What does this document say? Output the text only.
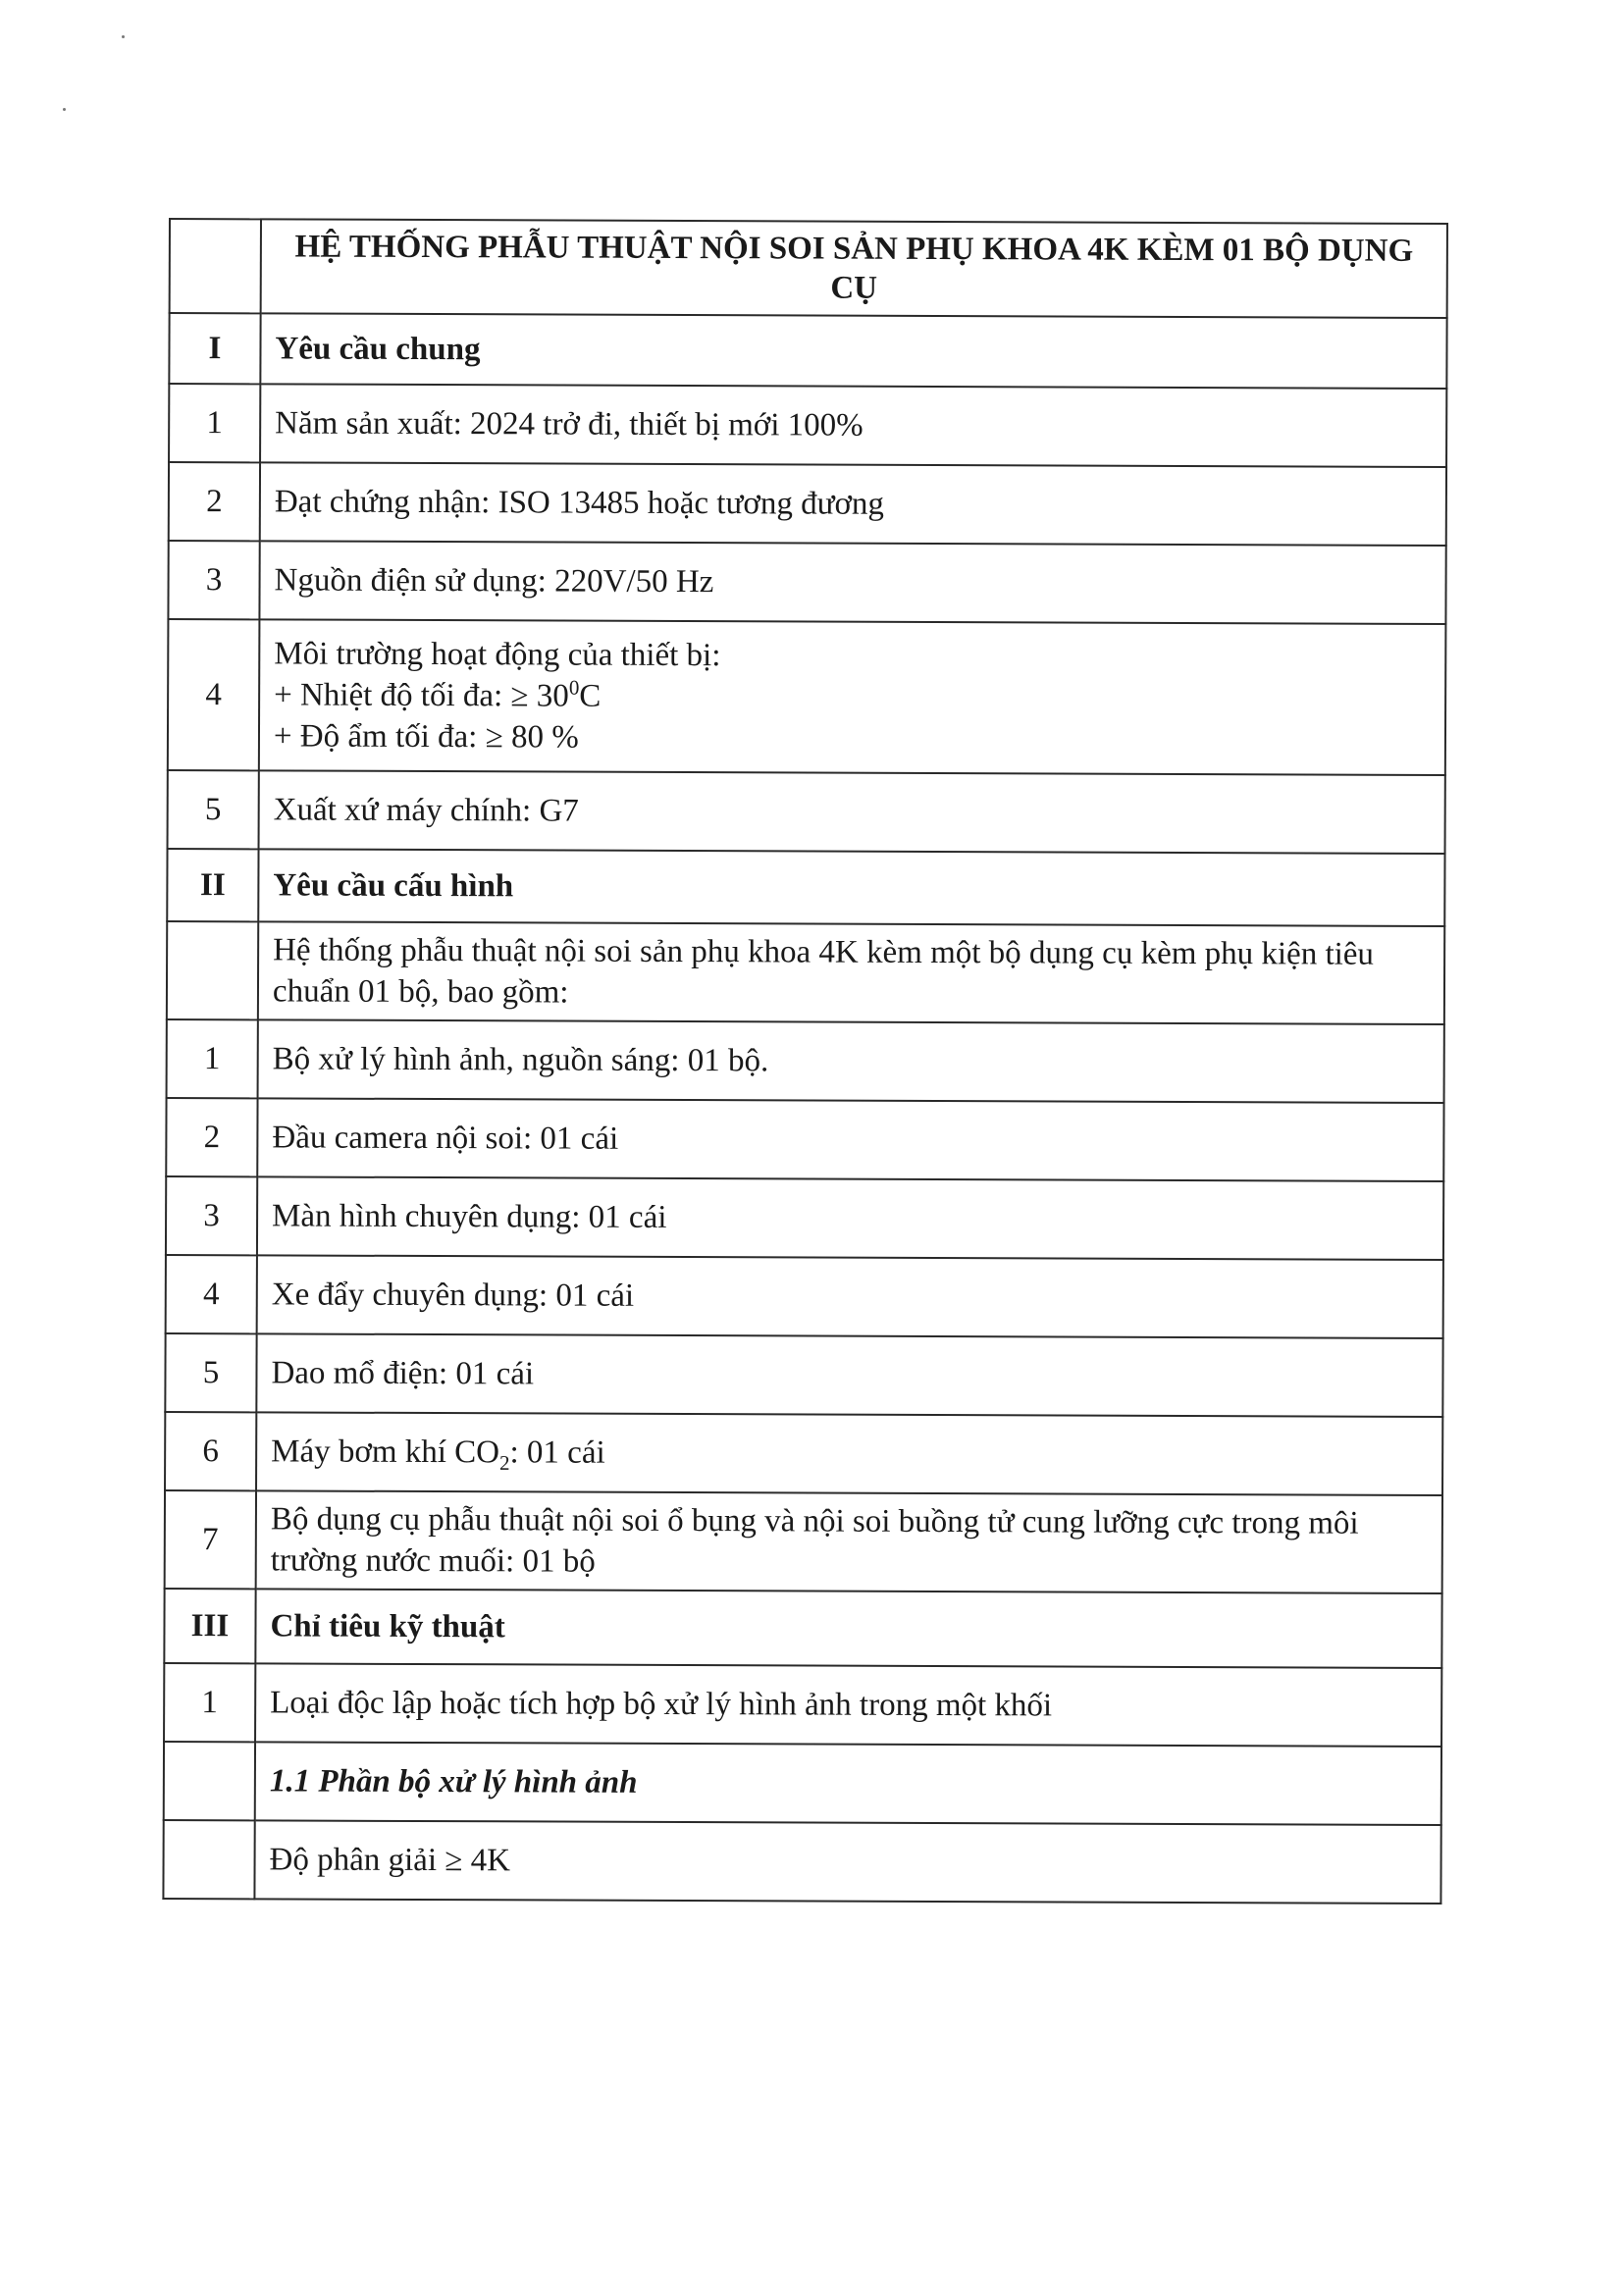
	HỆ THỐNG PHẪU THUẬT NỘI SOI SẢN PHỤ KHOA 4K KÈM 01 BỘ DỤNG CỤ
I	Yêu cầu chung
1	Năm sản xuất: 2024 trở đi, thiết bị mới 100%
2	Đạt chứng nhận: ISO 13485 hoặc tương đương
3	Nguồn điện sử dụng: 220V/50 Hz
4	Môi trường hoạt động của thiết bị:
+ Nhiệt độ tối đa: ≥ $30^0C$
+ Độ ẩm tối đa: ≥ 80 %

5	Xuất xứ máy chính: G7
II	Yêu cầu cấu hình
	Hệ thống phẫu thuật nội soi sản phụ khoa 4K kèm một bộ dụng cụ kèm phụ kiện tiêu chuẩn 01 bộ, bao gồm:
1	Bộ xử lý hình ảnh, nguồn sáng: 01 bộ.
2	Đầu camera nội soi: 01 cái
3	Màn hình chuyên dụng: 01 cái
4	Xe đẩy chuyên dụng: 01 cái
5	Dao mổ điện: 01 cái
6	Máy bơm khí $CO_2$: 01 cái
7	Bộ dụng cụ phẫu thuật nội soi ổ bụng và nội soi buồng tử cung lưỡng cực trong môi trường nước muối: 01 bộ
III	Chỉ tiêu kỹ thuật
1	Loại độc lập hoặc tích hợp bộ xử lý hình ảnh trong một khối
	1.1 Phần bộ xử lý hình ảnh
	Độ phân giải ≥ 4K
